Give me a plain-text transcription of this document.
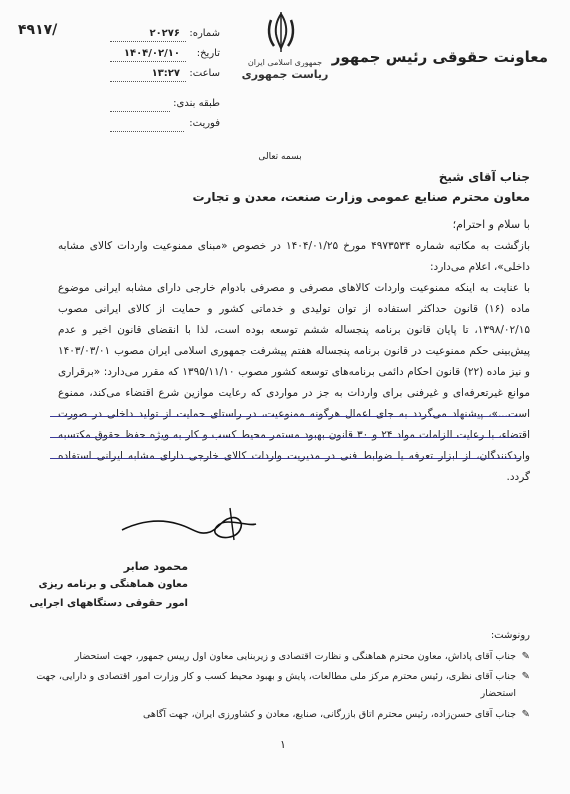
معاونت حقوقی رئیس جمهور
جمهوری اسلامی ایران
ریاست جمهوری
۴۹۱۷/	شماره:
۲۰۲۷۶
تاریخ:
۱۴۰۴/۰۲/۱۰
ساعت:
۱۳:۲۷
طبقه بندی:
فوریت:
بسمه تعالی
جناب آقای شیخ
معاون محترم صنایع عمومی وزارت صنعت، معدن و تجارت
با سلام و احترام؛
بازگشت به مکاتبه شماره ۴۹۷۳۵۳۴ مورخ ۱۴۰۴/۰۱/۲۵ در خصوص «مبنای ممنوعیت واردات کالای مشابه داخلی»، اعلام می‌دارد:
با عنایت به اینکه ممنوعیت واردات کالاهای مصرفی و مصرفی بادوام خارجی دارای مشابه ایرانی موضوع ماده (۱۶) قانون حداکثر استفاده از توان تولیدی و خدماتی کشور و حمایت از کالای ایرانی مصوب ۱۳۹۸/۰۲/۱۵، تا پایان قانون برنامه پنجساله ششم توسعه بوده است، لذا با انقضای قانون اخیر و عدم پیش‌بینی حکم ممنوعیت در قانون برنامه پنجساله هفتم پیشرفت جمهوری اسلامی ایران مصوب ۱۴۰۳/۰۳/۰۱ و نیز ماده (۲۲) قانون احکام دائمی برنامه‌های توسعه کشور مصوب ۱۳۹۵/۱۱/۱۰ که مقرر می‌دارد: «برقراری موانع غیرتعرفه‌ای و غیرفنی برای واردات به جز در مواردی که رعایت موازین شرع اقتضاء می‌کند، ممنوع است...»، پیشنهاد می‌گردد به جای اعمال هرگونه ممنوعیت، در راستای حمایت از تولید داخلی در صورت اقتضاء، با رعایت الزامات مواد ۲۴ و ۳۰ قانون بهبود مستمر محیط کسب و کار به ویژه حفظ حقوق مکتسبه واردکنندگان، از ابزار تعرفه یا ضوابط فنی در مدیریت واردات کالای خارجی دارای مشابه ایرانی استفاده گردد.
محمود صابر
معاون هماهنگی و برنامه ریزی
امور حقوقی دستگاههای اجرایی
رونوشت:
✎
جناب آقای پاداش، معاون محترم هماهنگی و نظارت اقتصادی و زیربنایی معاون اول رییس جمهور، جهت استحضار
✎
جناب آقای نظری، رئیس محترم مرکز ملی مطالعات، پایش و بهبود محیط کسب و کار وزارت امور اقتصادی و دارایی، جهت استحضار
✎
جناب آقای حسن‌زاده، رئیس محترم اتاق بازرگانی، صنایع، معادن و کشاورزی ایران، جهت آگاهی
۱
